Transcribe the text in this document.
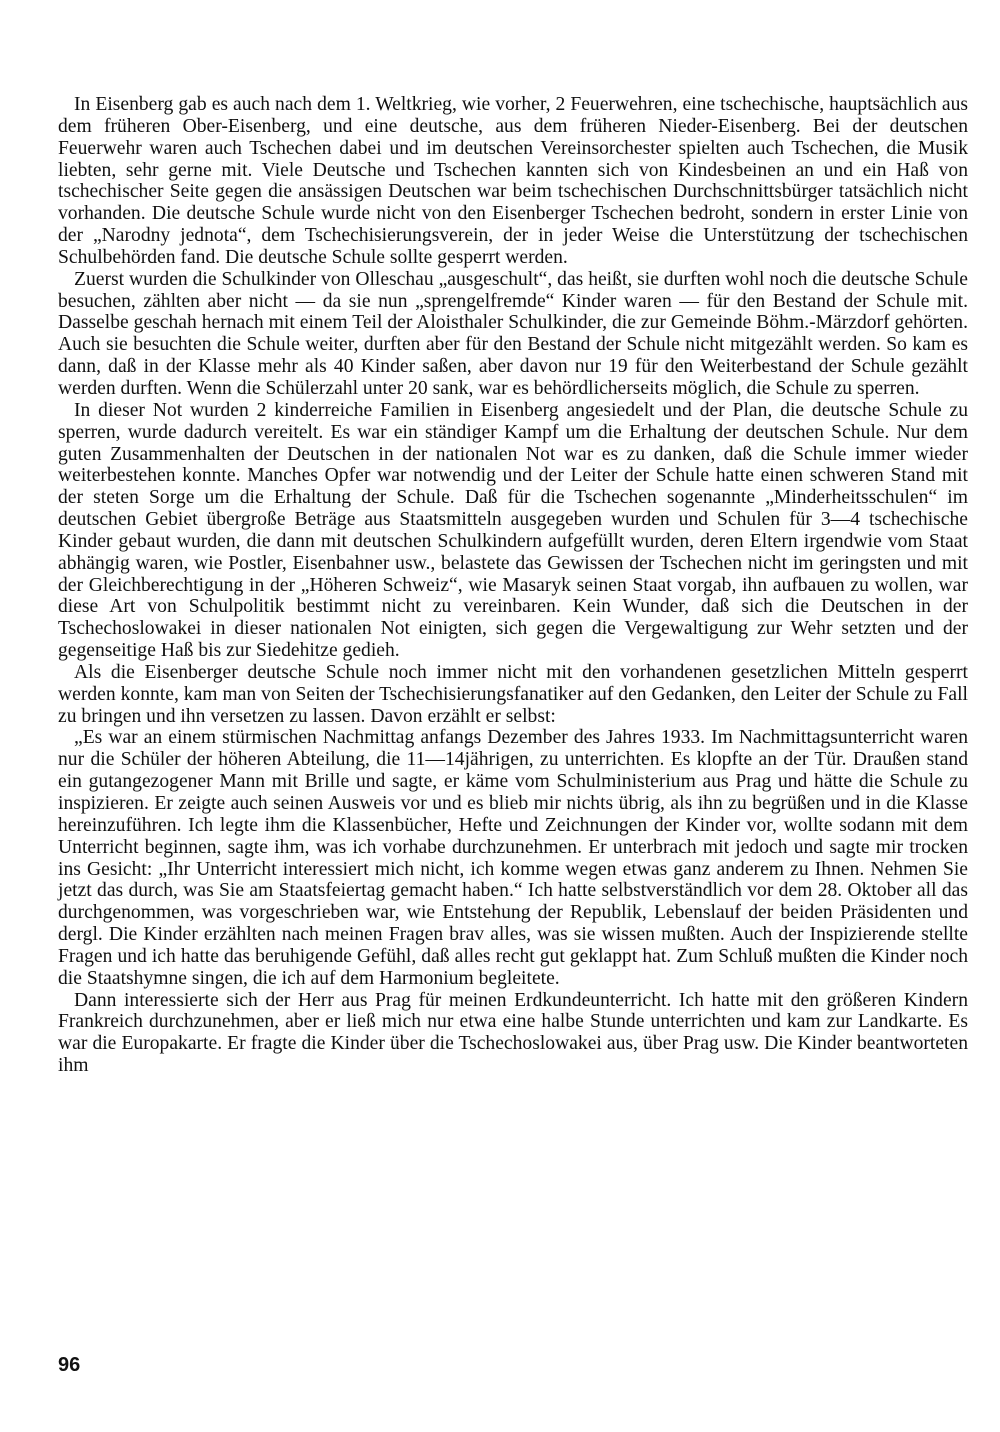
In Eisenberg gab es auch nach dem 1. Weltkrieg, wie vorher, 2 Feuerwehren, eine tschechische, hauptsächlich aus dem früheren Ober-Eisenberg, und eine deutsche, aus dem früheren Nieder-Eisenberg. Bei der deutschen Feuerwehr waren auch Tschechen dabei und im deutschen Vereinsorchester spielten auch Tschechen, die Musik liebten, sehr gerne mit. Viele Deutsche und Tschechen kannten sich von Kindesbeinen an und ein Haß von tschechischer Seite gegen die ansässigen Deutschen war beim tschechischen Durchschnittsbürger tatsächlich nicht vorhanden. Die deutsche Schule wurde nicht von den Eisenberger Tschechen bedroht, sondern in erster Linie von der „Narodny jednota“, dem Tschechisierungsverein, der in jeder Weise die Unterstützung der tschechischen Schulbehörden fand. Die deutsche Schule sollte gesperrt werden.

Zuerst wurden die Schulkinder von Olleschau „ausgeschult“, das heißt, sie durften wohl noch die deutsche Schule besuchen, zählten aber nicht — da sie nun „sprengelfremde“ Kinder waren — für den Bestand der Schule mit. Dasselbe geschah hernach mit einem Teil der Aloisthaler Schulkinder, die zur Gemeinde Böhm.-Märzdorf gehörten. Auch sie besuchten die Schule weiter, durften aber für den Bestand der Schule nicht mitgezählt werden. So kam es dann, daß in der Klasse mehr als 40 Kinder saßen, aber davon nur 19 für den Weiterbestand der Schule gezählt werden durften. Wenn die Schülerzahl unter 20 sank, war es behördlicherseits möglich, die Schule zu sperren.

In dieser Not wurden 2 kinderreiche Familien in Eisenberg angesiedelt und der Plan, die deutsche Schule zu sperren, wurde dadurch vereitelt. Es war ein ständiger Kampf um die Erhaltung der deutschen Schule. Nur dem guten Zusammenhalten der Deutschen in der nationalen Not war es zu danken, daß die Schule immer wieder weiterbestehen konnte. Manches Opfer war notwendig und der Leiter der Schule hatte einen schweren Stand mit der steten Sorge um die Erhaltung der Schule. Daß für die Tschechen sogenannte „Minderheitsschulen“ im deutschen Gebiet übergroße Beträge aus Staatsmitteln ausgegeben wurden und Schulen für 3—4 tschechische Kinder gebaut wurden, die dann mit deutschen Schulkindern aufgefüllt wurden, deren Eltern irgendwie vom Staat abhängig waren, wie Postler, Eisenbahner usw., belastete das Gewissen der Tschechen nicht im geringsten und mit der Gleichberechtigung in der „Höheren Schweiz“, wie Masaryk seinen Staat vorgab, ihn aufbauen zu wollen, war diese Art von Schulpolitik bestimmt nicht zu vereinbaren. Kein Wunder, daß sich die Deutschen in der Tschechoslowakei in dieser nationalen Not einigten, sich gegen die Vergewaltigung zur Wehr setzten und der gegenseitige Haß bis zur Siedehitze gedieh.

Als die Eisenberger deutsche Schule noch immer nicht mit den vorhandenen gesetzlichen Mitteln gesperrt werden konnte, kam man von Seiten der Tschechisierungsfanatiker auf den Gedanken, den Leiter der Schule zu Fall zu bringen und ihn versetzen zu lassen. Davon erzählt er selbst:

„Es war an einem stürmischen Nachmittag anfangs Dezember des Jahres 1933. Im Nachmittagsunterricht waren nur die Schüler der höheren Abteilung, die 11—14jährigen, zu unterrichten. Es klopfte an der Tür. Draußen stand ein gutangezogener Mann mit Brille und sagte, er käme vom Schulministerium aus Prag und hätte die Schule zu inspizieren. Er zeigte auch seinen Ausweis vor und es blieb mir nichts übrig, als ihn zu begrüßen und in die Klasse hereinzuführen. Ich legte ihm die Klassenbücher, Hefte und Zeichnungen der Kinder vor, wollte sodann mit dem Unterricht beginnen, sagte ihm, was ich vorhabe durchzunehmen. Er unterbrach mit jedoch und sagte mir trocken ins Gesicht: „Ihr Unterricht interessiert mich nicht, ich komme wegen etwas ganz anderem zu Ihnen. Nehmen Sie jetzt das durch, was Sie am Staatsfeiertag gemacht haben.“ Ich hatte selbstverständlich vor dem 28. Oktober all das durchgenommen, was vorgeschrieben war, wie Entstehung der Republik, Lebenslauf der beiden Präsidenten und dergl. Die Kinder erzählten nach meinen Fragen brav alles, was sie wissen mußten. Auch der Inspizierende stellte Fragen und ich hatte das beruhigende Gefühl, daß alles recht gut geklappt hat. Zum Schluß mußten die Kinder noch die Staatshymne singen, die ich auf dem Harmonium begleitete.

Dann interessierte sich der Herr aus Prag für meinen Erdkundeunterricht. Ich hatte mit den größeren Kindern Frankreich durchzunehmen, aber er ließ mich nur etwa eine halbe Stunde unterrichten und kam zur Landkarte. Es war die Europakarte. Er fragte die Kinder über die Tschechoslowakei aus, über Prag usw. Die Kinder beantworteten ihm

96
